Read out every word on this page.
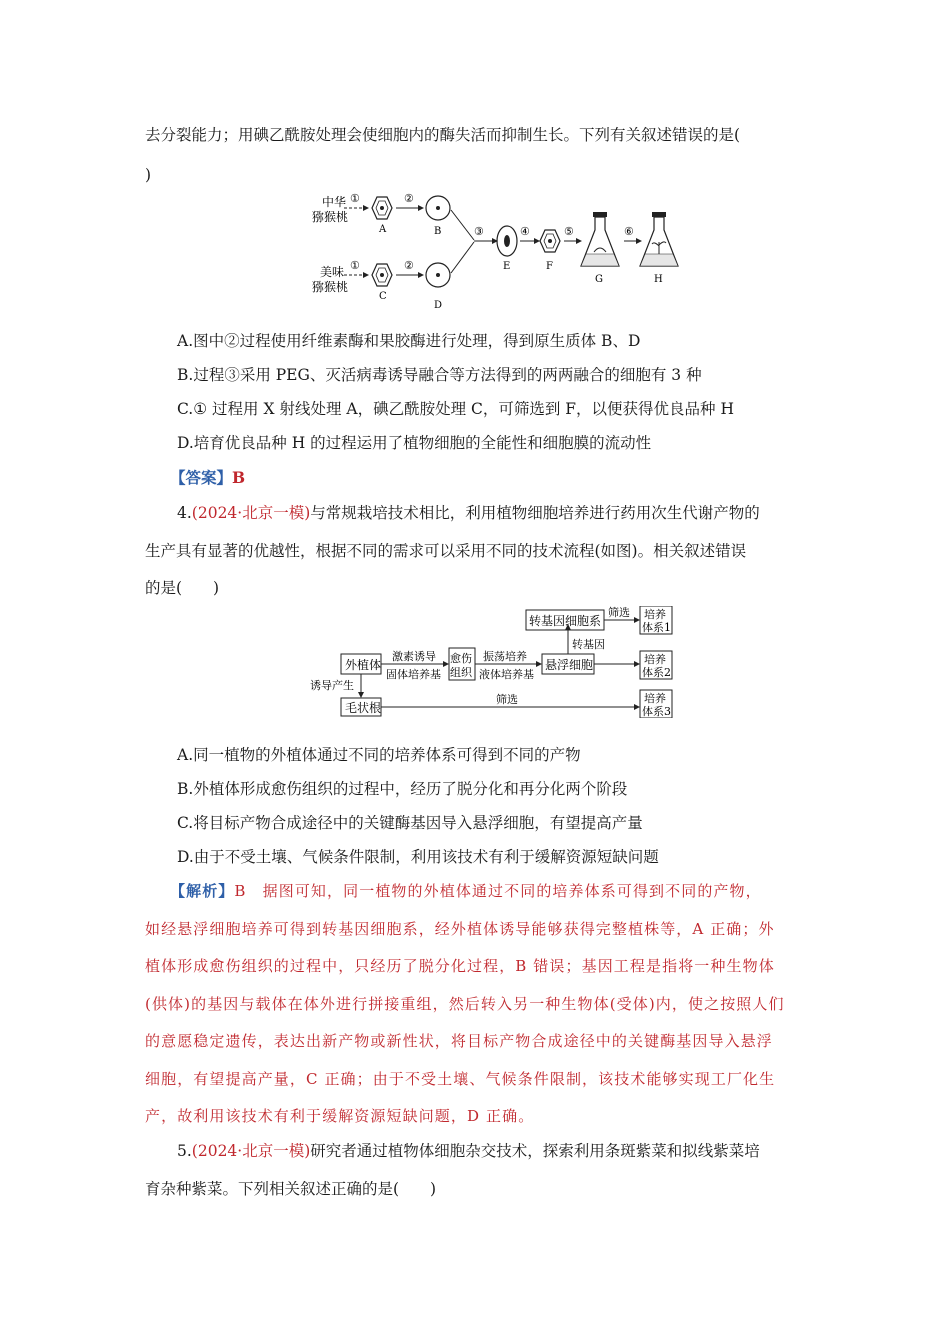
去分裂能力；用碘乙酰胺处理会使细胞内的酶失活而抑制生长。下列有关叙述错误的是(
)
中华
猕猴桃
美味
猕猴桃
①
A
②
B
①
C
②
D
③
E
④
F
⑤
G
⑥
H
A.图中②过程使用纤维素酶和果胶酶进行处理，得到原生质体 B、D
B.过程③采用 PEG、灭活病毒诱导融合等方法得到的两两融合的细胞有 3 种
C.① 过程用 X 射线处理 A，碘乙酰胺处理 C，可筛选到 F，以便获得优良品种 H
D.培育优良品种 H 的过程运用了植物细胞的全能性和细胞膜的流动性
【答案】B
4.(2024·北京一模)与常规栽培技术相比，利用植物细胞培养进行药用次生代谢产物的
生产具有显著的优越性，根据不同的需求可以采用不同的技术流程(如图)。相关叙述错误
的是(　　)
外植体
激素诱导
固体培养基
愈伤
组织
振荡培养
液体培养基
悬浮细胞
转基因
转基因细胞系
筛选 培养
体系1
培养
体系2
诱导产生
毛状根
筛选	培养
体系3
A.同一植物的外植体通过不同的培养体系可得到不同的产物
B.外植体形成愈伤组织的过程中，经历了脱分化和再分化两个阶段
C.将目标产物合成途径中的关键酶基因导入悬浮细胞，有望提高产量
D.由于不受土壤、气候条件限制，利用该技术有利于缓解资源短缺问题
【解析】B　据图可知，同一植物的外植体通过不同的培养体系可得到不同的产物，
如经悬浮细胞培养可得到转基因细胞系，经外植体诱导能够获得完整植株等，A 正确；外
植体形成愈伤组织的过程中，只经历了脱分化过程，B 错误；基因工程是指将一种生物体
(供体)的基因与载体在体外进行拼接重组，然后转入另一种生物体(受体)内，使之按照人们
的意愿稳定遗传，表达出新产物或新性状，将目标产物合成途径中的关键酶基因导入悬浮
细胞，有望提高产量，C 正确；由于不受土壤、气候条件限制，该技术能够实现工厂化生
产，故利用该技术有利于缓解资源短缺问题，D 正确。
5.(2024·北京一模)研究者通过植物体细胞杂交技术，探索利用条斑紫菜和拟线紫菜培
育杂种紫菜。下列相关叙述正确的是(　　)
